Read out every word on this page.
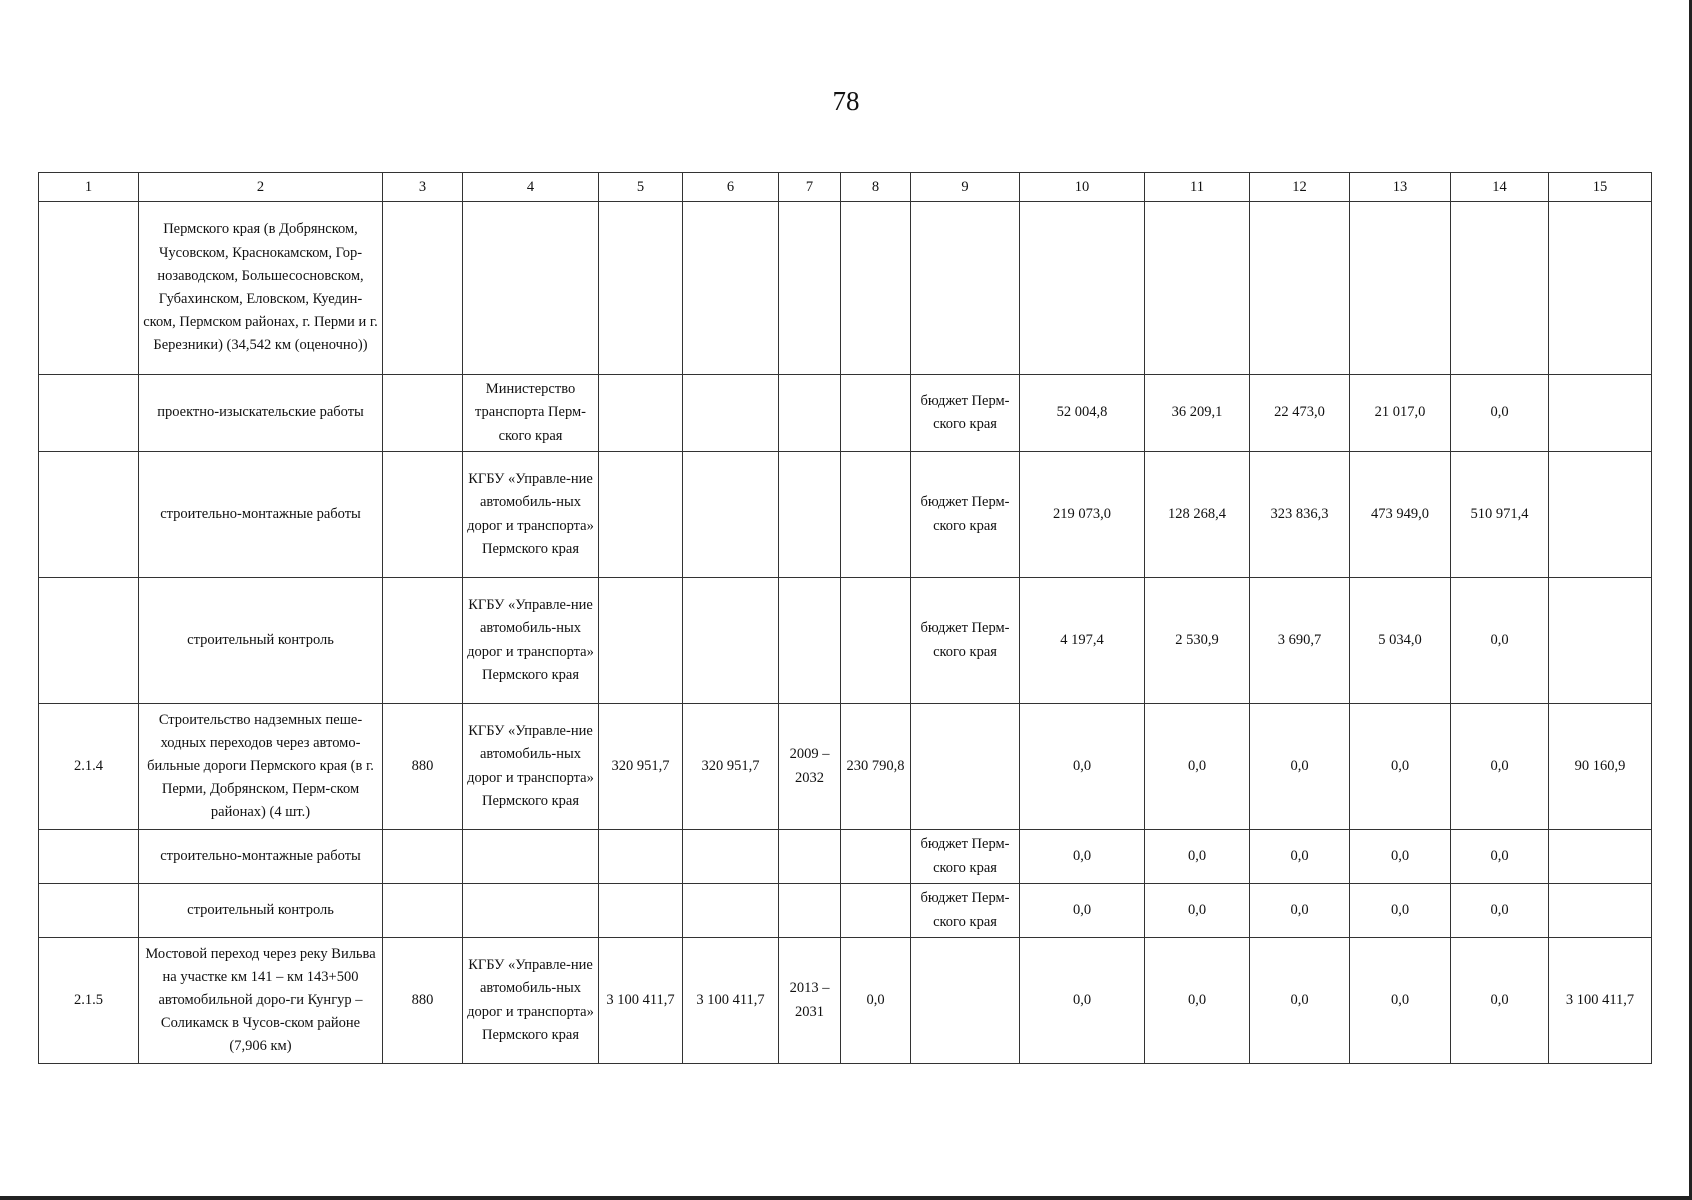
78
1	2	3	4	5	6	7	8	9	10	11	12	13	14	15
	Пермского края (в Добрянском, Чусовском, Краснокамском, Гор-нозаводском, Большесосновском, Губахинском, Еловском, Куедин-ском, Пермском районах, г. Перми и г. Березники) (34,542 км (оценочно))													
	проектно-изыскательские работы		Министерство транспорта Перм-ского края					бюджет Перм-ского края	52 004,8	36 209,1	22 473,0	21 017,0	0,0	
	строительно-монтажные работы		КГБУ «Управле-ние автомобиль-ных дорог и транспорта» Пермского края					бюджет Перм-ского края	219 073,0	128 268,4	323 836,3	473 949,0	510 971,4	
	строительный контроль		КГБУ «Управле-ние автомобиль-ных дорог и транспорта» Пермского края					бюджет Перм-ского края	4 197,4	2 530,9	3 690,7	5 034,0	0,0	
2.1.4	Строительство надземных пеше-ходных переходов через автомо-бильные дороги Пермского края (в г. Перми, Добрянском, Перм-ском районах) (4 шт.)	880	КГБУ «Управле-ние автомобиль-ных дорог и транспорта» Пермского края	320 951,7	320 951,7	2009 – 2032	230 790,8		0,0	0,0	0,0	0,0	0,0	90 160,9
	строительно-монтажные работы							бюджет Перм-ского края	0,0	0,0	0,0	0,0	0,0	
	строительный контроль							бюджет Перм-ского края	0,0	0,0	0,0	0,0	0,0	
2.1.5	Мостовой переход через реку Вильва на участке км 141 – км 143+500 автомобильной доро-ги Кунгур – Соликамск в Чусов-ском районе (7,906 км)	880	КГБУ «Управле-ние автомобиль-ных дорог и транспорта» Пермского края	3 100 411,7	3 100 411,7	2013 – 2031	0,0		0,0	0,0	0,0	0,0	0,0	3 100 411,7
